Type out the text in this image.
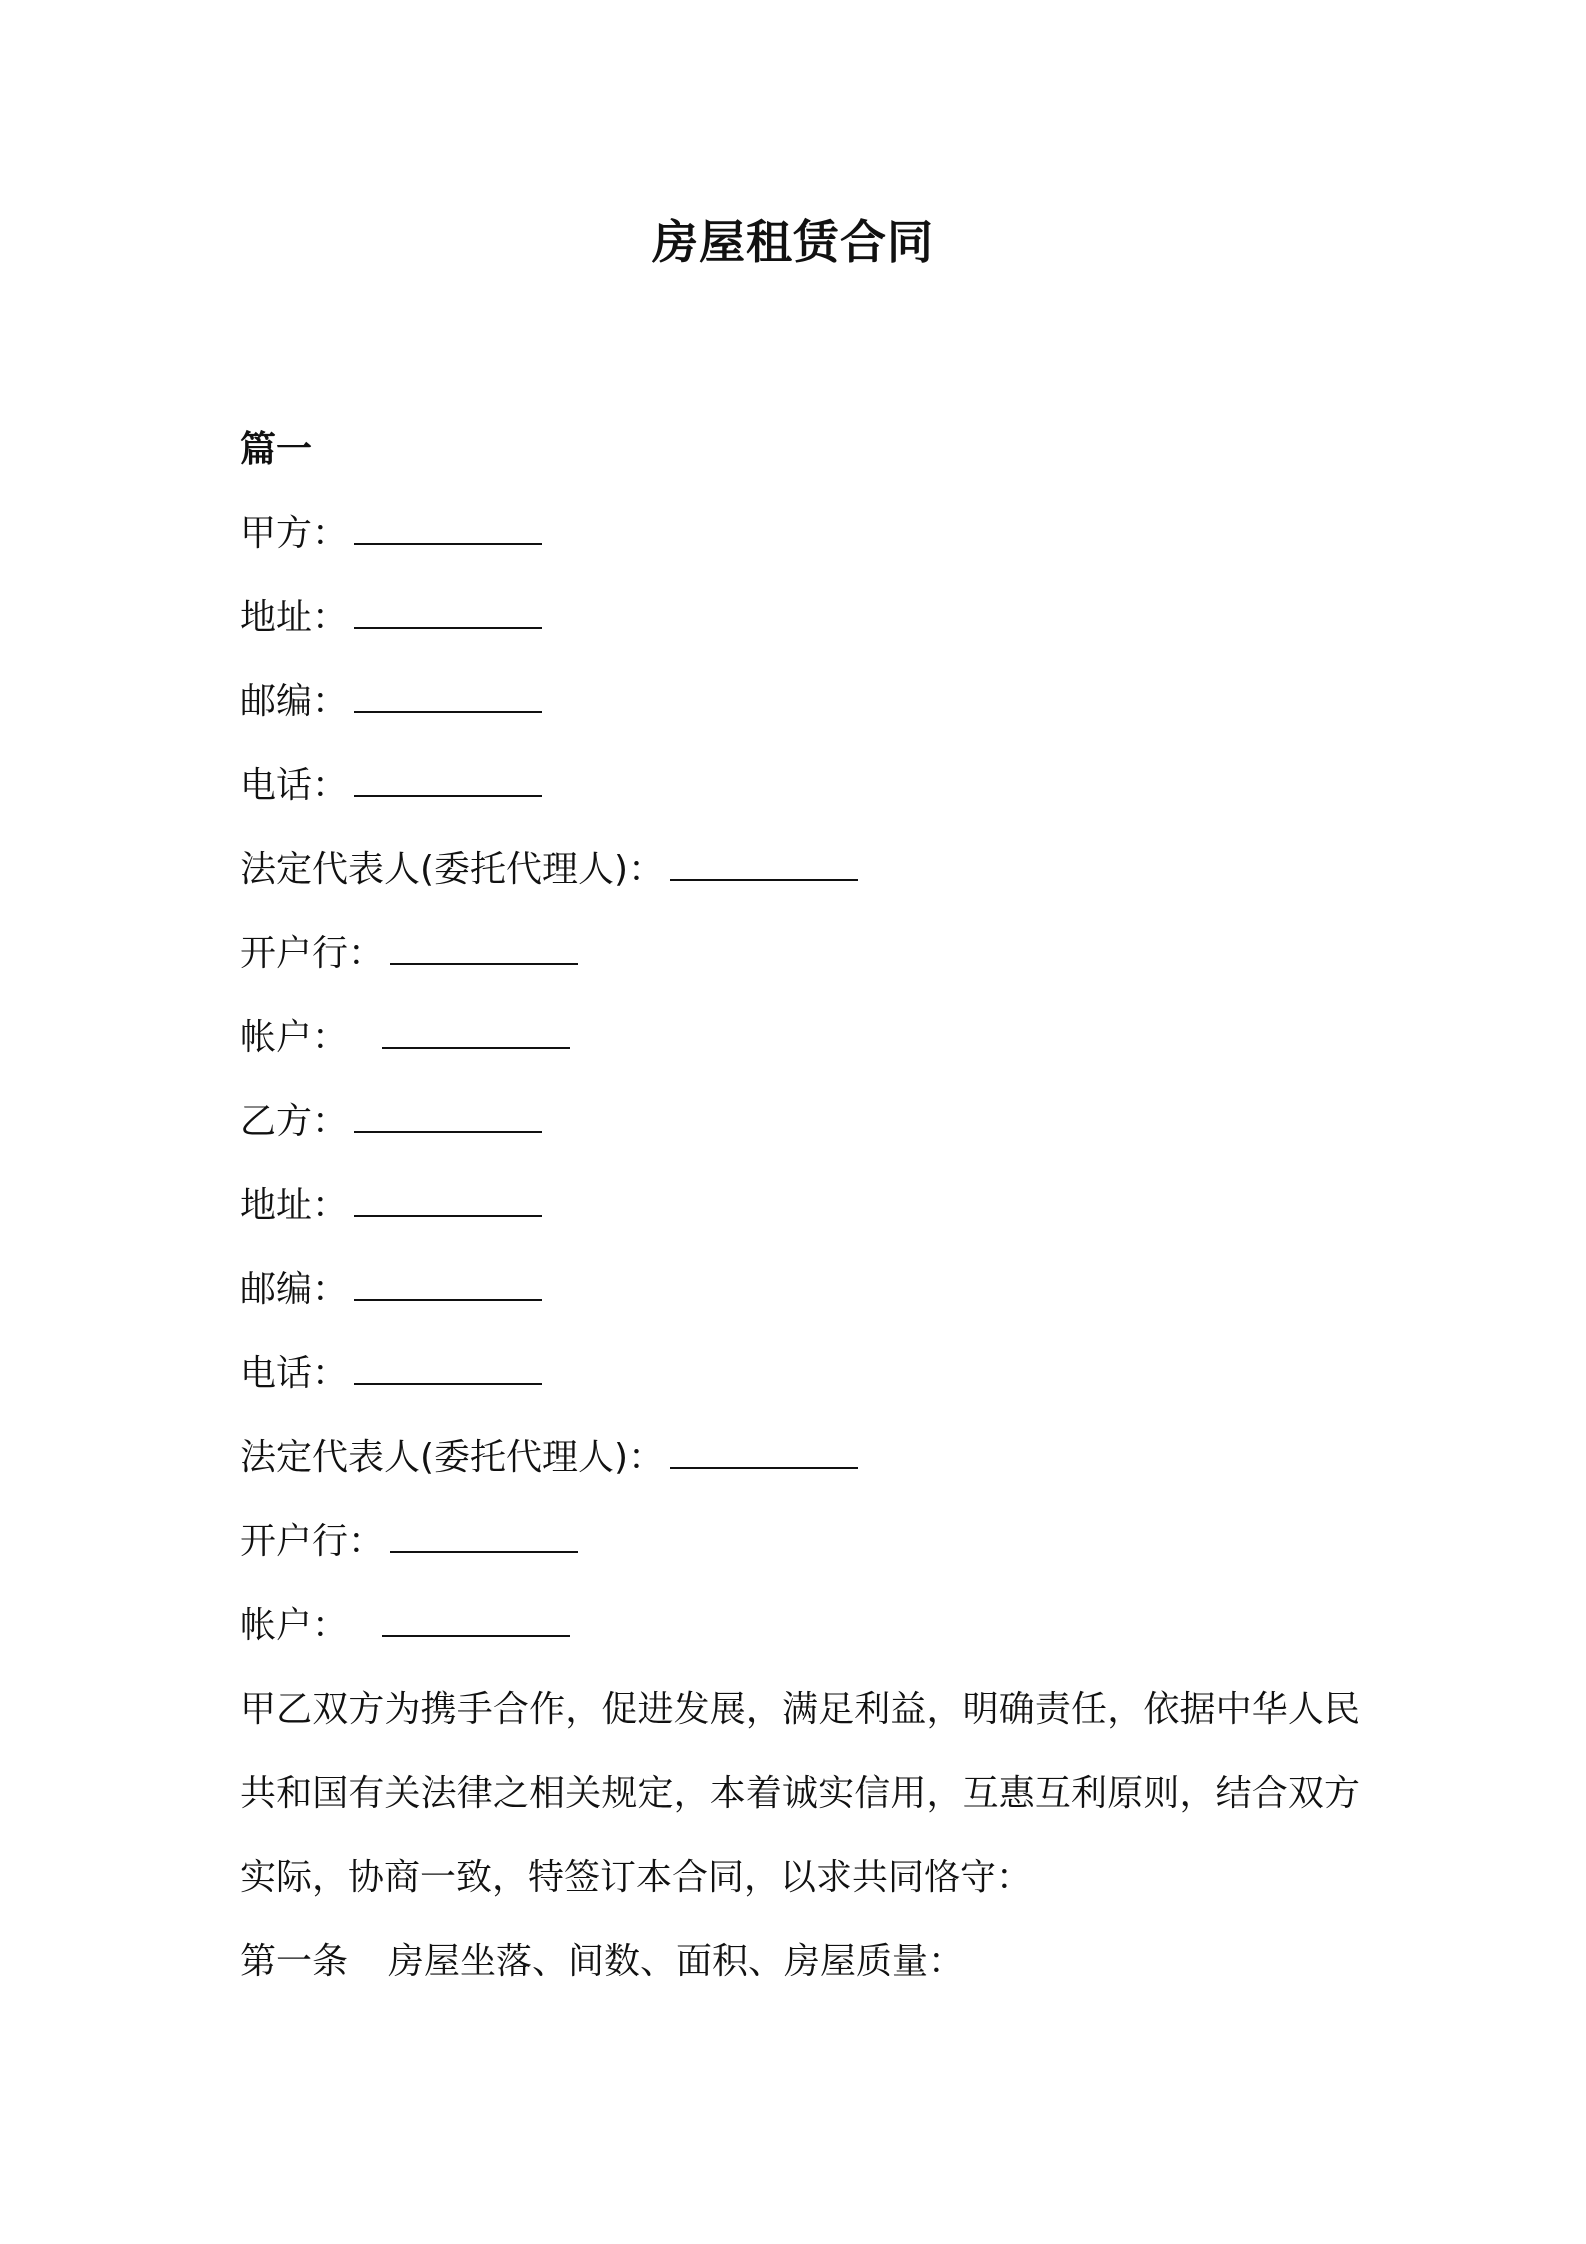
房屋租赁合同
篇一
甲方：
地址：
邮编：
电话：
法定代表人(委托代理人)：
开户行：
帐户：
乙方：
地址：
邮编：
电话：
法定代表人(委托代理人)：
开户行：
帐户：
甲乙双方为携手合作，促进发展，满足利益，明确责任，依据中华人民共和国有关法律之相关规定，本着诚实信用，互惠互利原则，结合双方实际，协商一致，特签订本合同，以求共同恪守：
第一条 房屋坐落、间数、面积、房屋质量：
